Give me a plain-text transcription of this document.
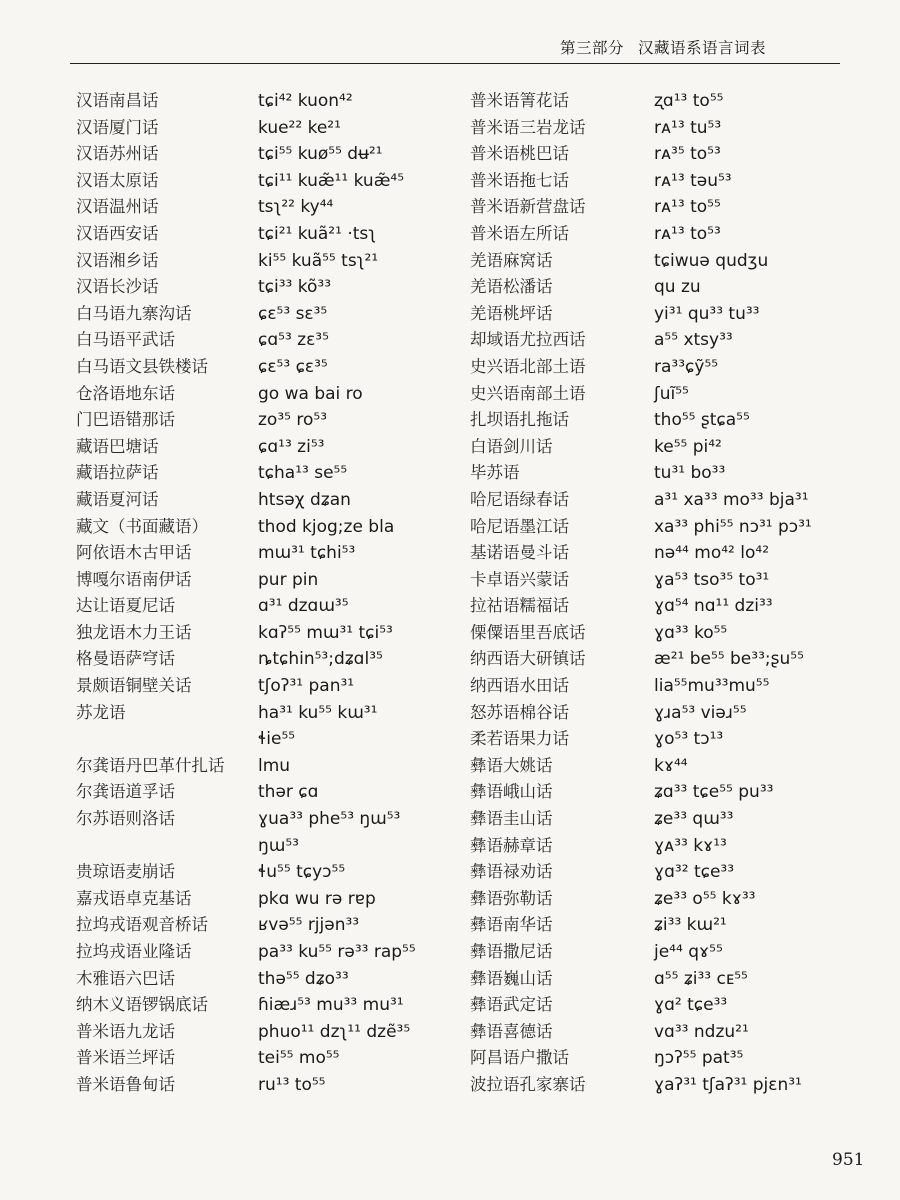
第三部分 汉藏语系语言词表
汉语南昌话
汉语厦门话
汉语苏州话
汉语太原话
汉语温州话
汉语西安话
汉语湘乡话
汉语长沙话
白马语九寨沟话
白马语平武话
白马语文县铁楼话
仓洛语地东话
门巴语错那话
藏语巴塘话
藏语拉萨话
藏语夏河话
藏文（书面藏语）
阿依语木古甲话
博嘎尔语南伊话
达让语夏尼话
独龙语木力王话
格曼语萨穹话
景颇语铜壁关话
苏龙语
尔龚语丹巴革什扎话
尔龚语道孚话
尔苏语则洛话
贵琼语麦崩话
嘉戎语卓克基话
拉坞戎语观音桥话
拉坞戎语业隆话
木雅语六巴话
纳木义语锣锅底话
普米语九龙话
普米语兰坪话
普米语鲁甸话
tɕi⁴² kuon⁴²
kue²² ke²¹
tɕi⁵⁵ kuø⁵⁵ dʉ²¹
tɕi¹¹ kuæ̃¹¹ kuæ̃⁴⁵
tsʅ²² ky⁴⁴
tɕi²¹ kuã²¹ ·tsʅ
ki⁵⁵ kuã⁵⁵ tsʅ²¹
tɕi³³ kõ³³
ɕɛ⁵³ sɛ³⁵
ɕɑ⁵³ zɛ³⁵
ɕɛ⁵³ ɕɛ³⁵
go wa bai ro
zo³⁵ ro⁵³
ɕɑ¹³ zi⁵³
tɕha¹³ se⁵⁵
htsəχ dʑan
thod kjog;ze bla
mɯ³¹ tɕhi⁵³
pur pin
ɑ³¹ dzɑɯ³⁵
kɑʔ⁵⁵ mɯ³¹ tɕi⁵³
ȵtɕhin⁵³;dʑɑl³⁵
tʃoʔ³¹ pan³¹
ha³¹ ku⁵⁵ kɯ³¹
ɬie⁵⁵
lmu
thər ɕɑ
ɣua³³ phe⁵³ ŋɯ⁵³
ŋɯ⁵³
ɬu⁵⁵ tɕyɔ⁵⁵
pkɑ wu rə rɐp
ʁvə⁵⁵ rjjən³³
pa³³ ku⁵⁵ rə³³ rap⁵⁵
thə⁵⁵ dʑo³³
ɦiæɹ⁵³ mu³³ mu³¹
phuo¹¹ dzʅ¹¹ dzẽ³⁵
tei⁵⁵ mo⁵⁵
ru¹³ to⁵⁵
普米语箐花话
普米语三岩龙话
普米语桃巴话
普米语拖七话
普米语新营盘话
普米语左所话
羌语麻窝话
羌语松潘话
羌语桃坪话
却域语尤拉西话
史兴语北部土语
史兴语南部土语
扎坝语扎拖话
白语剑川话
毕苏语
哈尼语绿春话
哈尼语墨江话
基诺语曼斗话
卡卓语兴蒙话
拉祜语糯福话
傈僳语里吾底话
纳西语大研镇话
纳西语水田话
怒苏语棉谷话
柔若语果力话
彝语大姚话
彝语峨山话
彝语圭山话
彝语赫章话
彝语禄劝话
彝语弥勒话
彝语南华话
彝语撒尼话
彝语巍山话
彝语武定话
彝语喜德话
阿昌语户撒话
波拉语孔家寨话
ʐɑ¹³ to⁵⁵
rᴀ¹³ tu⁵³
rᴀ³⁵ to⁵³
rᴀ¹³ təu⁵³
rᴀ¹³ to⁵⁵
rᴀ¹³ to⁵³
tɕiwuə qudʒu
qu zu
yi³¹ qu³³ tu³³
a⁵⁵ xtsy³³
ra³³ɕỹ⁵⁵
ʃuĩ⁵⁵
tho⁵⁵ ʂtɕa⁵⁵
ke⁵⁵ pi⁴²
tu³¹ bo³³
a³¹ xa³³ mo³³ bja³¹
xa³³ phi⁵⁵ nɔ³¹ pɔ³¹
nə⁴⁴ mo⁴² lo⁴²
ɣa⁵³ tso³⁵ to³¹
ɣɑ⁵⁴ nɑ¹¹ dzi³³
ɣɑ³³ ko⁵⁵
æ²¹ be⁵⁵ be³³;ʂu⁵⁵
lia⁵⁵mu³³mu⁵⁵
ɣɹa⁵³ viəɹ⁵⁵
ɣo⁵³ tɔ¹³
kɤ⁴⁴
ʑɑ³³ tɕe⁵⁵ pu³³
ʑe³³ qɯ³³
ɣᴀ³³ kɤ¹³
ɣɑ³² tɕe³³
ʑe³³ o⁵⁵ kɤ³³
ʑi³³ kɯ²¹
je⁴⁴ qɤ⁵⁵
ɑ⁵⁵ ʑi³³ ᴄᴇ⁵⁵
ɣɑ² tɕe³³
vɑ³³ ndzu²¹
ŋɔʔ⁵⁵ pat³⁵
ɣaʔ³¹ tʃaʔ³¹ pjɛn³¹
951
